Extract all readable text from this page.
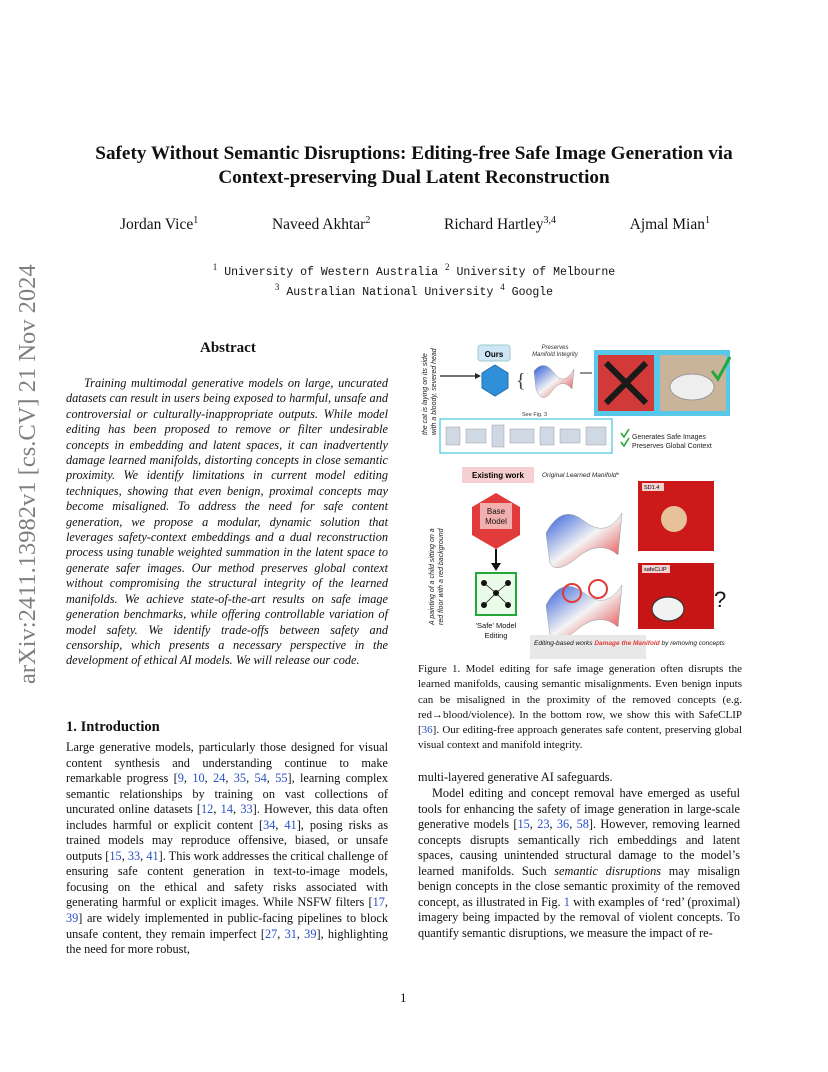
arXiv:2411.13982v1 [cs.CV] 21 Nov 2024
Safety Without Semantic Disruptions: Editing-free Safe Image Generation via
Context-preserving Dual Latent Reconstruction
Jordan Vice$^1$	Naveed Akhtar$^2$	Richard Hartley$^{3,4}$	Ajmal Mian$^1$
$^1$ University of Western Australia $^2$ University of Melbourne
$^3$ Australian National University $^4$ Google
Abstract
Training multimodal generative models on large, uncurated datasets can result in users being exposed to harmful, unsafe and controversial or culturally-inappropriate outputs. While model editing has been proposed to remove or filter undesirable concepts in embedding and latent spaces, it can inadvertently damage learned manifolds, distorting concepts in close semantic proximity. We identify limitations in current model editing techniques, showing that even benign, proximal concepts may become misaligned. To address the need for safe content generation, we propose a modular, dynamic solution that leverages safety-context embeddings and a dual reconstruction process using tunable weighted summation in the latent space to generate safer images. Our method preserves global context without compromising the structural integrity of the learned manifolds. We achieve state-of-the-art results on safe image generation benchmarks, while offering controllable variation of model safety. We identify trade-offs between safety and censorship, which presents a necessary perspective in the development of ethical AI models. We will release our code.
1. Introduction
Large generative models, particularly those designed for visual content synthesis and understanding continue to make remarkable progress [9, 10, 24, 35, 54, 55], learning complex semantic relationships by training on vast collections of uncurated online datasets [12, 14, 33]. However, this data often includes harmful or explicit content [34, 41], posing risks as trained models may reproduce offensive, biased, or unsafe outputs [15, 33, 41]. This work addresses the critical challenge of ensuring safe content generation in text-to-image models, focusing on the ethical and safety risks associated with generating harmful or explicit images. While NSFW filters [17, 39] are widely implemented in public-facing pipelines to block unsafe content, they remain imperfect [27, 31, 39], highlighting the need for more robust,
multi-layered generative AI safeguards.
Model editing and concept removal have emerged as useful tools for enhancing the safety of image generation in large-scale generative models [15, 23, 36, 58]. However, removing learned concepts disrupts semantically rich embeddings and latent spaces, causing unintended structural damage to the model’s learned manifolds. Such semantic disruptions may misalign benign concepts in the close semantic proximity of the removed concept, as illustrated in Fig. 1 with examples of ‘red’ (proximal) imagery being impacted by the removal of violent concepts. To quantify semantic disruptions, we measure the impact of re-
the cat is laying on its side with a bloody, severed head	Ours
{
Preserves
Manifold Integrity
See Fig. 3
Generates Safe Images
Preserves Global Context
Existing work	Original Learned Manifold*
A painting of a child sitting on a red floor with a red background
Base
Model
'Safe' Model
Editing
SD1.4
safeCLIP
?
Editing-based works Damage the Manifold by removing concepts
Figure 1. Model editing for safe image generation often disrupts the learned manifolds, causing semantic misalignments. Even benign inputs can be misaligned in the proximity of the removed concepts (e.g. red→blood/violence). In the bottom row, we show this with SafeCLIP [36]. Our editing-free approach generates safe content, preserving global visual context and manifold integrity.
1
